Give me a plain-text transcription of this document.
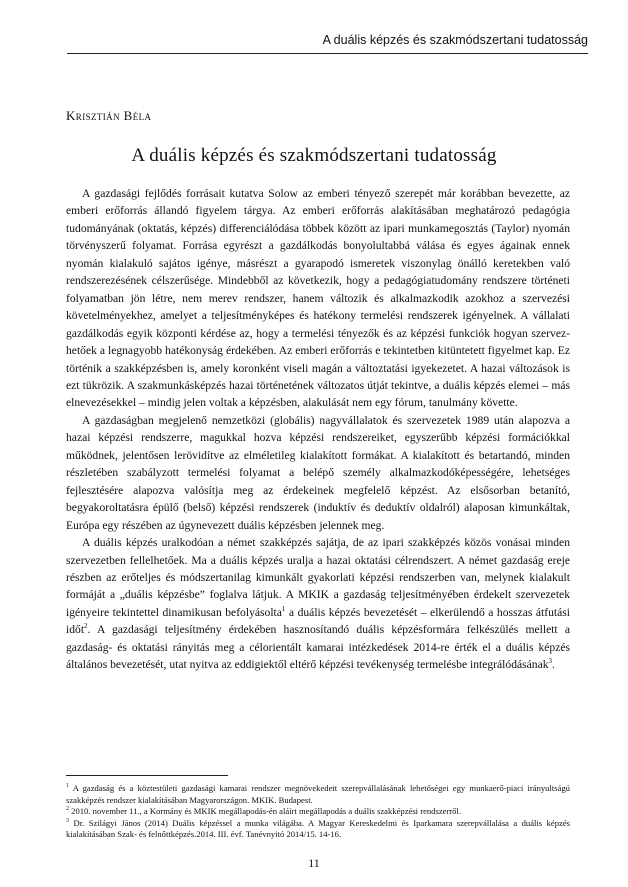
A duális képzés és szakmódszertani tudatosság
Krisztián Béla
A duális képzés és szakmódszertani tudatosság

A gazdasági fejlődés forrásait kutatva Solow az emberi tényező szerepét már korábban bevezette, az emberi erőforrás állandó figyelem tárgya. Az emberi erőforrás alakításában meghatározó pedagógia tudományának (oktatás, képzés) differenciálódása többek között az ipari munkamegosztás (Taylor) nyomán törvényszerű folyamat. Forrása egyrészt a gazdálkodás bonyolultabbá válása és egyes ágainak ennek nyomán kialakuló sajátos igénye, másrészt a gyarapodó ismeretek viszonylag önálló keretekben való rendszerezésének célszerűsége. Mindebből az következik, hogy a pedagógiatudomány rendszere történeti folyamatban jön létre, nem merev rendszer, hanem változik és alkalmazkodik azokhoz a szervezési követelményekhez, amelyet a teljesítményképes és hatékony termelési rendszerek igényelnek. A vállalati gazdálkodás egyik központi kérdése az, hogy a termelési tényezők és az képzési funkciók hogyan szervezhetőek a legnagyobb hatékonyság érdekében. Az emberi erőforrás e tekintetben kitüntetett figyelmet kap. Ez történik a szakképzésben is, amely koronként viseli magán a változtatási igyekezetet. A hazai változások is ezt tükrözik. A szakmunkásképzés hazai történetének változatos útját tekintve, a duális képzés elemei – más elnevezésekkel – mindig jelen voltak a képzésben, alakulását nem egy fórum, tanulmány követte.

A gazdaságban megjelenő nemzetközi (globális) nagyvállalatok és szervezetek 1989 után alapozva a hazai képzési rendszerre, magukkal hozva képzési rendszereiket, egyszerűbb képzési formációkkal működnek, jelentősen lerövidítve az elméletileg kialakított formákat. A kialakított és betartandó, minden részletében szabályzott termelési folyamat a belépő személy alkalmazkodóképességére, lehetséges fejlesztésére alapozva valósítja meg az érdekeinek megfelelő képzést. Az elsősorban betanító, begyakoroltatásra épülő (belső) képzési rendszerek (induktív és deduktív oldalról) alaposan kimunkáltak, Európa egy részében az úgynevezett duális képzésben jelennek meg.

A duális képzés uralkodóan a német szakképzés sajátja, de az ipari szakképzés közös vonásai minden szervezetben fellelhetőek. Ma a duális képzés uralja a hazai oktatási célrendszert. A német gazdaság ereje részben az erőteljes és módszertanilag kimunkált gyakorlati képzési rendszerben van, melynek kialakult formáját a „duális képzésbe” foglalva látjuk. A MKIK a gazdaság teljesítményében érdekelt szervezetek igényeire tekintettel dinamikusan befolyásolta$^1$ a duális képzés bevezetését – elkerülendő a hosszas átfutási időt$^2$. A gazdasági teljesítmény érdekében hasznosítandó duális képzésformára felkészülés mellett a gazdaság- és oktatási rányitás meg a célorientált kamarai intézkedések 2014-re érték el a duális képzés általános bevezetését, utat nyitva az eddigiektől eltérő képzési tevékenység termelésbe integrálódásának$^3$.

$^1$ A gazdaság és a köztestületi gazdasági kamarai rendszer megnövekedett szerepvállalásának lehetőségei egy munkaerő-piaci irányultságú szakképzés rendszer kialakításában Magyarországon. MKIK. Budapest.

$^2$ 2010. november 11., a Kormány és MKIK megállapodás-én aláírt megállapodás a duális szakképzési rendszerről.

$^3$ Dr. Szilágyi János (2014) Duális képzéssel a munka világába. A Magyar Kereskedelmi és Iparkamara szerepvállalása a duális képzés kialakításában Szak- és felnőttképzés.2014. III. évf. Tanévnyitó 2014/15. 14-16.

11
